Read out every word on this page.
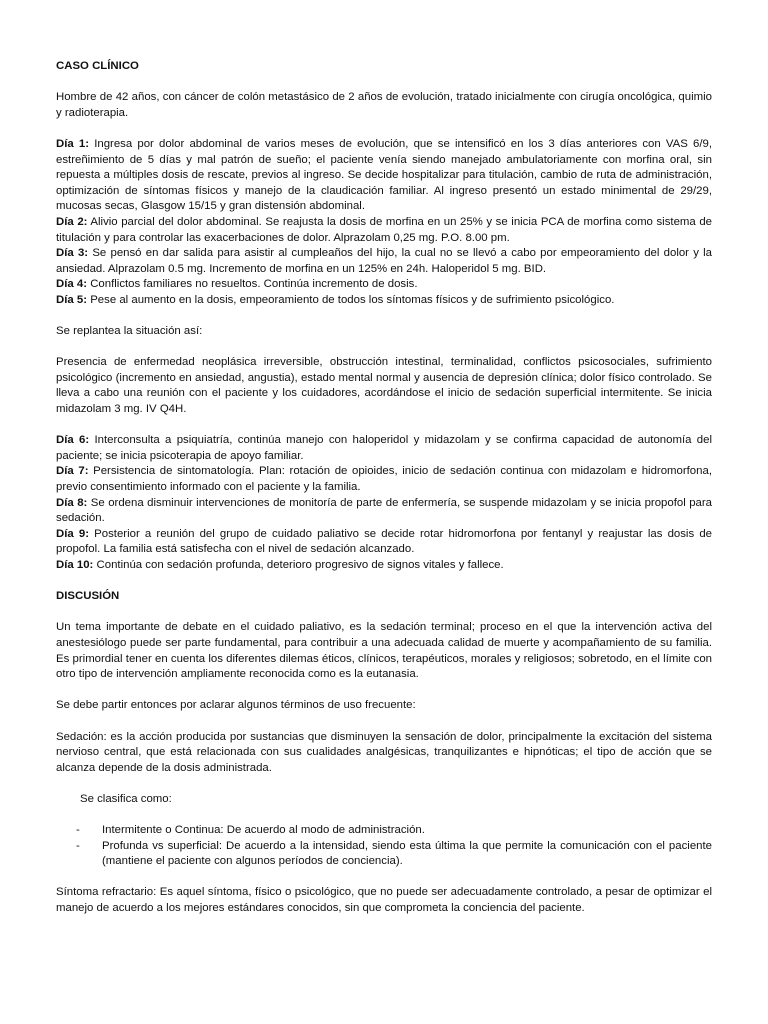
CASO CLÍNICO

Hombre de 42 años, con cáncer de colón metastásico de 2 años de evolución, tratado inicialmente con cirugía oncológica, quimio y radioterapia.

Día 1: Ingresa por dolor abdominal de varios meses de evolución, que se intensificó en los 3 días anteriores con VAS 6/9, estreñimiento de 5 días y mal patrón de sueño; el paciente venía siendo manejado ambulatoriamente con morfina oral, sin repuesta a múltiples dosis de rescate, previos al ingreso. Se decide hospitalizar para titulación, cambio de ruta de administración, optimización de síntomas físicos y manejo de la claudicación familiar. Al ingreso presentó un estado minimental de 29/29, mucosas secas, Glasgow 15/15 y gran distensión abdominal.

Día 2: Alivio parcial del dolor abdominal. Se reajusta la dosis de morfina en un 25% y se inicia PCA de morfina como sistema de titulación y para controlar las exacerbaciones de dolor. Alprazolam 0,25 mg. P.O. 8.00 pm.

Día 3: Se pensó en dar salida para asistir al cumpleaños del hijo, la cual no se llevó a cabo por empeoramiento del dolor y la ansiedad. Alprazolam 0.5 mg. Incremento de morfina en un 125% en 24h. Haloperidol 5 mg. BID.

Día 4: Conflictos familiares no resueltos. Continúa incremento de dosis.

Día 5: Pese al aumento en la dosis, empeoramiento de todos los síntomas físicos y de sufrimiento psicológico.

Se replantea la situación así:

Presencia de enfermedad neoplásica irreversible, obstrucción intestinal, terminalidad, conflictos psicosociales, sufrimiento psicológico (incremento en ansiedad, angustia), estado mental normal y ausencia de depresión clínica; dolor físico controlado. Se lleva a cabo una reunión con el paciente y los cuidadores, acordándose el inicio de sedación superficial intermitente. Se inicia midazolam 3 mg. IV Q4H.

Día 6: Interconsulta a psiquiatría, continúa manejo con haloperidol y midazolam y se confirma capacidad de autonomía del paciente; se inicia psicoterapia de apoyo familiar.

Día 7: Persistencia de sintomatología. Plan: rotación de opioides, inicio de sedación continua con midazolam e hidromorfona, previo consentimiento informado con el paciente y la familia.

Día 8: Se ordena disminuir intervenciones de monitoría de parte de enfermería, se suspende midazolam y se inicia propofol para sedación.

Día 9: Posterior a reunión del grupo de cuidado paliativo se decide rotar hidromorfona por fentanyl y reajustar las dosis de propofol. La familia está satisfecha con el nivel de sedación alcanzado.

Día 10: Continúa con sedación profunda, deterioro progresivo de signos vitales y fallece.

DISCUSIÓN

Un tema importante de debate en el cuidado paliativo, es la sedación terminal; proceso en el que la intervención activa del anestesiólogo puede ser parte fundamental, para contribuir a una adecuada calidad de muerte y acompañamiento de su familia. Es primordial tener en cuenta los diferentes dilemas éticos, clínicos, terapéuticos, morales y religiosos; sobretodo, en el límite con otro tipo de intervención ampliamente reconocida como es la eutanasia.

Se debe partir entonces por aclarar algunos términos de uso frecuente:

Sedación: es la acción producida por sustancias que disminuyen la sensación de dolor, principalmente la excitación del sistema nervioso central, que está relacionada con sus cualidades analgésicas, tranquilizantes e hipnóticas; el tipo de acción que se alcanza depende de la dosis administrada.

Se clasifica como:

- Intermitente o Continua: De acuerdo al modo de administración.
- Profunda vs superficial: De acuerdo a la intensidad, siendo esta última la que permite la comunicación con el paciente (mantiene el paciente con algunos períodos de conciencia).

Síntoma refractario: Es aquel síntoma, físico o psicológico, que no puede ser adecuadamente controlado, a pesar de optimizar el manejo de acuerdo a los mejores estándares conocidos, sin que comprometa la conciencia del paciente.
